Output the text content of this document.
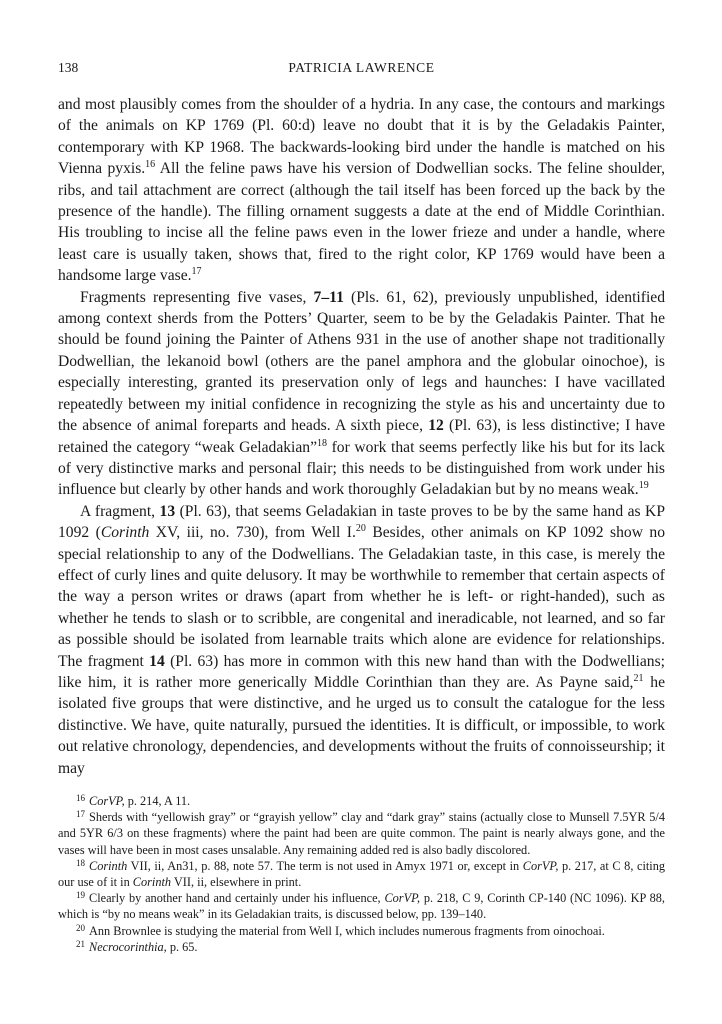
138	PATRICIA LAWRENCE

and most plausibly comes from the shoulder of a hydria. In any case, the contours and markings of the animals on KP 1769 (Pl. 60:d) leave no doubt that it is by the Geladakis Painter, contemporary with KP 1968. The backwards-looking bird under the handle is matched on his Vienna pyxis.$^{16}$ All the feline paws have his version of Dodwellian socks. The feline shoulder, ribs, and tail attachment are correct (although the tail itself has been forced up the back by the presence of the handle). The filling ornament suggests a date at the end of Middle Corinthian. His troubling to incise all the feline paws even in the lower frieze and under a handle, where least care is usually taken, shows that, fired to the right color, KP 1769 would have been a handsome large vase.$^{17}$

Fragments representing five vases, 7–11 (Pls. 61, 62), previously unpublished, identified among context sherds from the Potters’ Quarter, seem to be by the Geladakis Painter. That he should be found joining the Painter of Athens 931 in the use of another shape not traditionally Dodwellian, the lekanoid bowl (others are the panel amphora and the globular oinochoe), is especially interesting, granted its preservation only of legs and haunches: I have vacillated repeatedly between my initial confidence in recognizing the style as his and uncertainty due to the absence of animal foreparts and heads. A sixth piece, 12 (Pl. 63), is less distinctive; I have retained the category “weak Geladakian”$^{18}$ for work that seems perfectly like his but for its lack of very distinctive marks and personal flair; this needs to be distinguished from work under his influence but clearly by other hands and work thoroughly Geladakian but by no means weak.$^{19}$

A fragment, 13 (Pl. 63), that seems Geladakian in taste proves to be by the same hand as KP 1092 (Corinth XV, iii, no. 730), from Well I.$^{20}$ Besides, other animals on KP 1092 show no special relationship to any of the Dodwellians. The Geladakian taste, in this case, is merely the effect of curly lines and quite delusory. It may be worthwhile to remember that certain aspects of the way a person writes or draws (apart from whether he is left- or right-handed), such as whether he tends to slash or to scribble, are congenital and ineradicable, not learned, and so far as possible should be isolated from learnable traits which alone are evidence for relationships. The fragment 14 (Pl. 63) has more in common with this new hand than with the Dodwellians; like him, it is rather more generically Middle Corinthian than they are. As Payne said,$^{21}$ he isolated five groups that were distinctive, and he urged us to consult the catalogue for the less distinctive. We have, quite naturally, pursued the identities. It is difficult, or impossible, to work out relative chronology, dependencies, and developments without the fruits of connoisseurship; it may

$^{16}$ CorVP, p. 214, A 11.

$^{17}$ Sherds with “yellowish gray” or “grayish yellow” clay and “dark gray” stains (actually close to Munsell 7.5YR 5/4 and 5YR 6/3 on these fragments) where the paint had been are quite common. The paint is nearly always gone, and the vases will have been in most cases unsalable. Any remaining added red is also badly discolored.

$^{18}$ Corinth VII, ii, An31, p. 88, note 57. The term is not used in Amyx 1971 or, except in CorVP, p. 217, at C 8, citing our use of it in Corinth VII, ii, elsewhere in print.

$^{19}$ Clearly by another hand and certainly under his influence, CorVP, p. 218, C 9, Corinth CP-140 (NC 1096). KP 88, which is “by no means weak” in its Geladakian traits, is discussed below, pp. 139–140.

$^{20}$ Ann Brownlee is studying the material from Well I, which includes numerous fragments from oinochoai.

$^{21}$ Necrocorinthia, p. 65.
